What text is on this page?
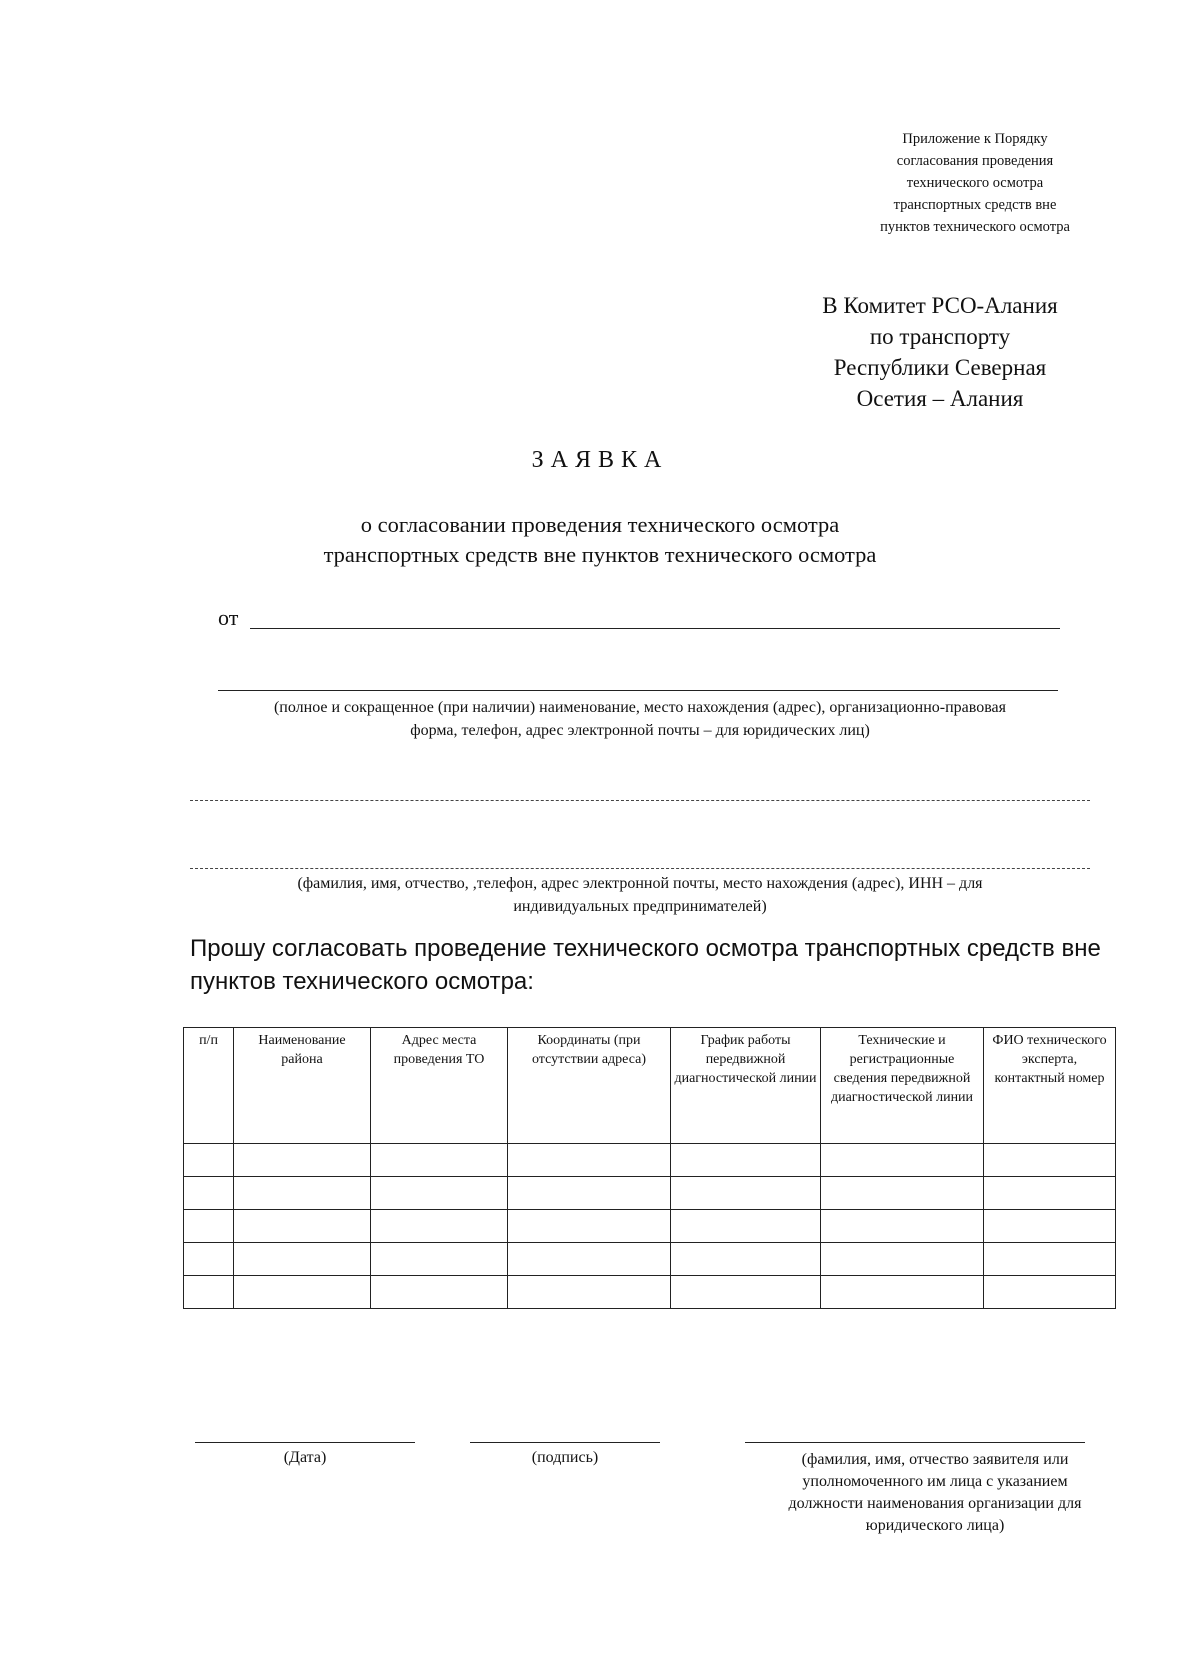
Приложение к Порядку
согласования проведения
технического осмотра
транспортных средств вне
пунктов технического осмотра
В Комитет РСО-Алания
по транспорту
Республики Северная
Осетия – Алания
ЗАЯВКА
о согласовании проведения технического осмотра
транспортных средств вне пунктов технического осмотра
от
(полное и сокращенное (при наличии) наименование, место нахождения (адрес), организационно-правовая
форма, телефон, адрес электронной почты – для юридических лиц)
(фамилия, имя, отчество, ,телефон, адрес электронной почты, место нахождения (адрес), ИНН – для
индивидуальных предпринимателей)
Прошу согласовать проведение технического осмотра транспортных средств вне пунктов технического осмотра:
п/п	Наименование района	Адрес места проведения ТО	Координаты (при отсутствии адреса)	График работы передвижной диагностической линии	Технические и регистрационные сведения передвижной диагностической линии	ФИО технического эксперта, контактный номер

(Дата)	(подпись)	(фамилия, имя, отчество заявителя или
уполномоченного им лица с указанием
должности наименования организации для
юридического лица)
